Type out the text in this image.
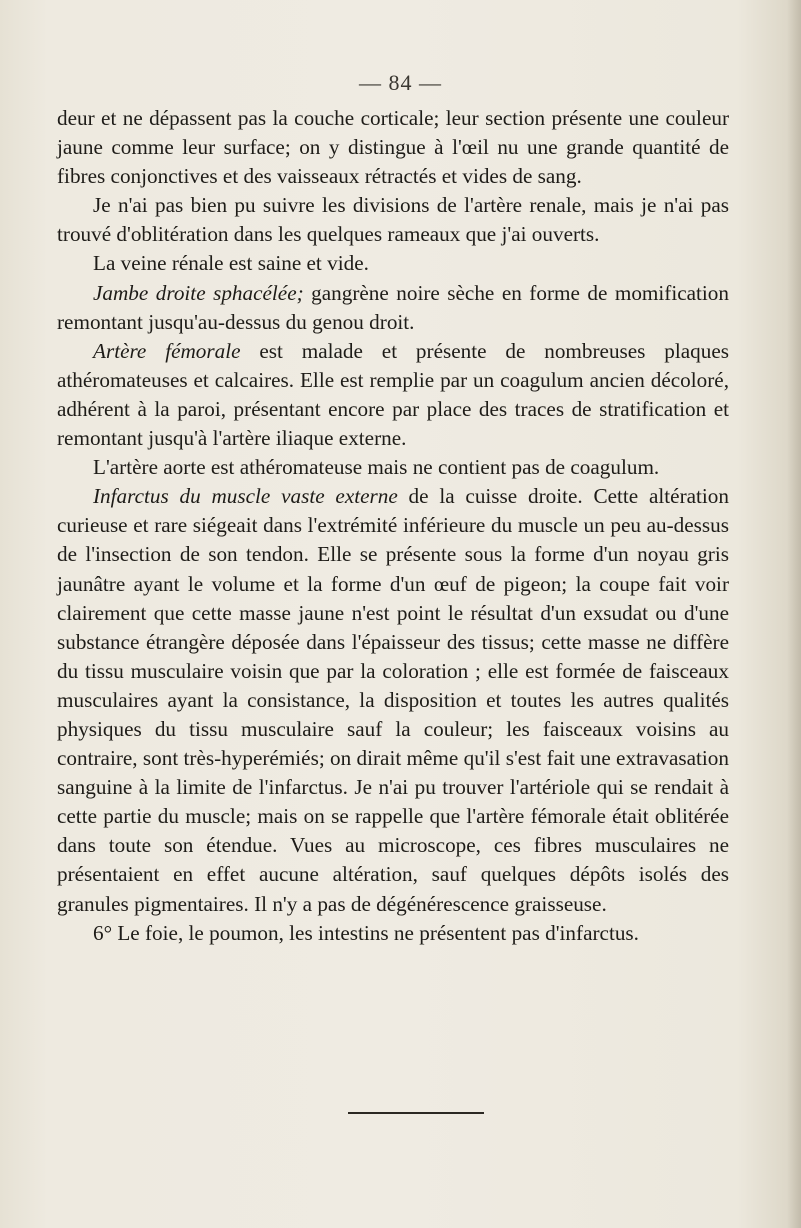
— 84 —

deur et ne dépassent pas la couche corticale; leur section présente une couleur jaune comme leur surface; on y distingue à l'œil nu une grande quantité de fibres conjonctives et des vaisseaux rétractés et vides de sang.

Je n'ai pas bien pu suivre les divisions de l'artère renale, mais je n'ai pas trouvé d'oblitération dans les quelques rameaux que j'ai ouverts.

La veine rénale est saine et vide.

Jambe droite sphacélée; gangrène noire sèche en forme de momification remontant jusqu'au-dessus du genou droit.

Artère fémorale est malade et présente de nombreuses plaques athéromateuses et calcaires. Elle est remplie par un coagulum ancien décoloré, adhérent à la paroi, présentant encore par place des traces de stratification et remontant jusqu'à l'artère iliaque externe.

L'artère aorte est athéromateuse mais ne contient pas de coagulum.

Infarctus du muscle vaste externe de la cuisse droite. Cette altération curieuse et rare siégeait dans l'extrémité inférieure du muscle un peu au-dessus de l'insection de son tendon. Elle se présente sous la forme d'un noyau gris jaunâtre ayant le volume et la forme d'un œuf de pigeon; la coupe fait voir clairement que cette masse jaune n'est point le résultat d'un exsudat ou d'une substance étrangère déposée dans l'épaisseur des tissus; cette masse ne diffère du tissu musculaire voisin que par la coloration ; elle est formée de faisceaux musculaires ayant la consistance, la disposition et toutes les autres qualités physiques du tissu musculaire sauf la couleur; les faisceaux voisins au contraire, sont très-hyperémiés; on dirait même qu'il s'est fait une extravasation sanguine à la limite de l'infarctus. Je n'ai pu trouver l'artériole qui se rendait à cette partie du muscle; mais on se rappelle que l'artère fémorale était oblitérée dans toute son étendue. Vues au microscope, ces fibres musculaires ne présentaient en effet aucune altération, sauf quelques dépôts isolés des granules pigmentaires. Il n'y a pas de dégénérescence graisseuse.

6° Le foie, le poumon, les intestins ne présentent pas d'infarctus.
